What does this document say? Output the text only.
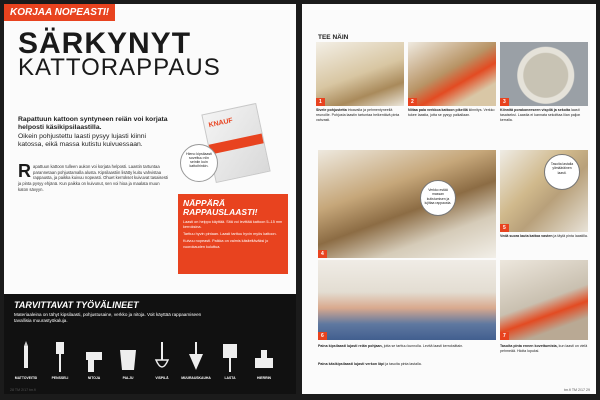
KORJAA NOPEASTI!
SÄRKYNYT
KATTORAPPAUS
Rapattuun kattoon syntyneen reiän voi korjata helposti käsikipsilaastilla.
Oikein pohjustettu laasti pysyy lujasti kiinni katossa, eikä massa kutistu kuivuessaan.
R apattuun kattoon tulleen aukon voi korjata helposti. Laastin tartuntaa parannetaan pohjustamalla alusta. Kipsilaastiin lisätty kuitu vahvistaa rappausta, ja paikka kuivuu nopeasti. Ohuet kerrokset kuivuvat tasaisesti ja pinta pysyy ehjänä. Kun paikka on kuivunut, sen voi hioa ja maalata muun katon sävyyn.
KNAUF
Hieno kipsilaasti soveltuu niin seiniin kuin kattoihinkin.
NÄPPÄRÄ RAPPAUSLAASTI!
Laasti on helppo käyttää. Sitä voi levittää kattoon 5–15 mm kerroksina.
Tarttuu hyvin pintaan. Laasti tarttuu hyvin myös kattoon.
Kuivuu nopeasti. Paikka on valmis käsiteltäväksi jo vuorokauden kuluttua.
TARVITTAVAT TYÖVÄLINEET
Materiaaleina on tähyt kipsilaasti, pohjustusaine, verkko ja nitoja. Voit käyttää rappaamiseen tavallisia muurastyökaluja.
MATTOVEITSI	PENSSELI	NITOJA	PALJU	VISPILÄ	MUURAUSKAUHA	LASTA	HIERRIN
28 TM 2/17 tm.fi
TEE NÄIN
1	2	3
Sivele pohjustetta irtoavalla ja pehmentyneellä reunoille. Pohjusta laastin tartuntaa heikentävä pinta vahvasti.
Niitaa pala verkkoa kattoon pikeillä kiinnitys. Verkko tukee laastia, jotta se pysyy paikallaan.
Kiinnitä porakoneeseen vispilä ja sekoita laasti tasaiseksi. Laastia ei kannata sekoittaa liian paljon kerralla.
4
Verkko estää massan kutistumisen ja lujittaa rappausta.
5
Tasoita lastalla ylimääräinen laasti.
Vedä suora lauta kattoa vasten ja täytä pinta laastilla.
6	7
Paina kipsilaasti lujasti reiän pohjaan, jotta se tarttuu kunnolla. Levitä laasti kerroksittain.	Tasoita pinta ennen kovettumista, kun laasti on vielä pehmeää. Hioita lopuksi.
Paina käsikipsilaasti lujasti verkon läpi ja tasoita pinta lastalla.
tm.fi TM 2/17 29
